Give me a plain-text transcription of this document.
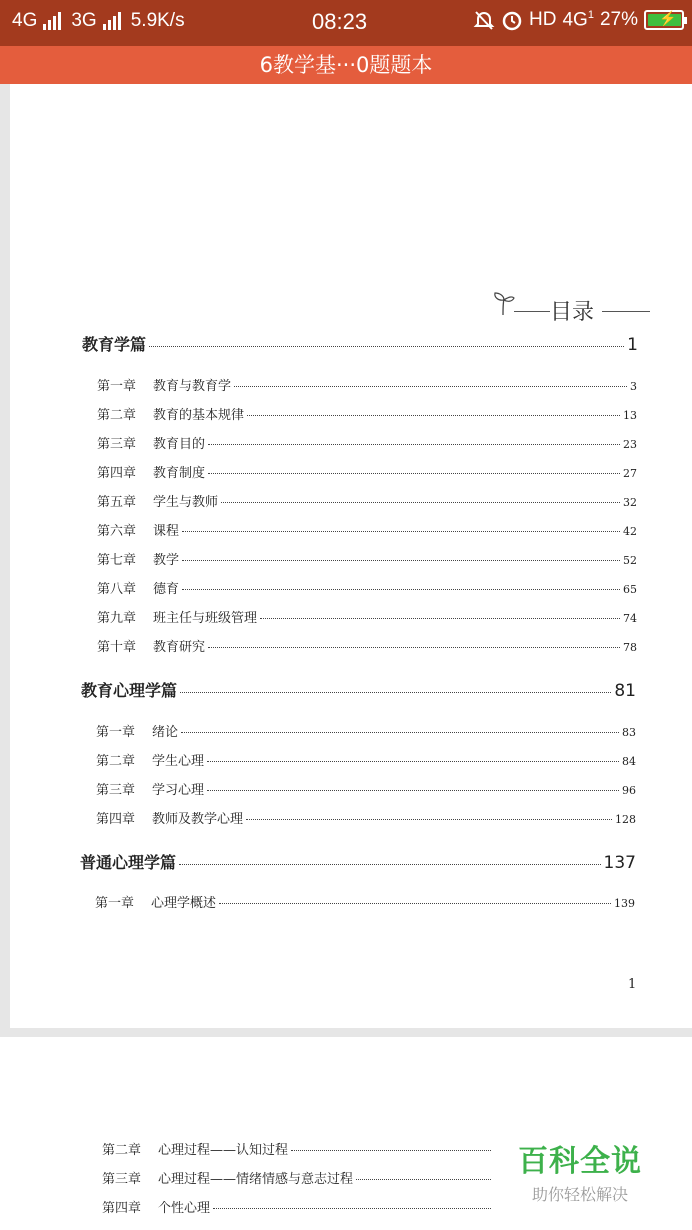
4G 3G 5.9K/s	08:23	HD $4G^1$ 27% ⚡
6教学基···0题题本
目录
教育学篇	1
第一章	教育与教育学	3
第二章	教育的基本规律	13
第三章	教育目的	23
第四章	教育制度	27
第五章	学生与教师	32
第六章	课程	42
第七章	教学	52
第八章	德育	65
第九章	班主任与班级管理	74
第十章	教育研究	78
教育心理学篇	81
第一章	绪论	83
第二章	学生心理	84
第三章	学习心理	96
第四章	教师及教学心理	128
普通心理学篇	137
第一章	心理学概述	139
1
第二章	心理过程——认知过程
第三章	心理过程——情绪情感与意志过程
第四章	个性心理
百科全说
助你轻松解决
